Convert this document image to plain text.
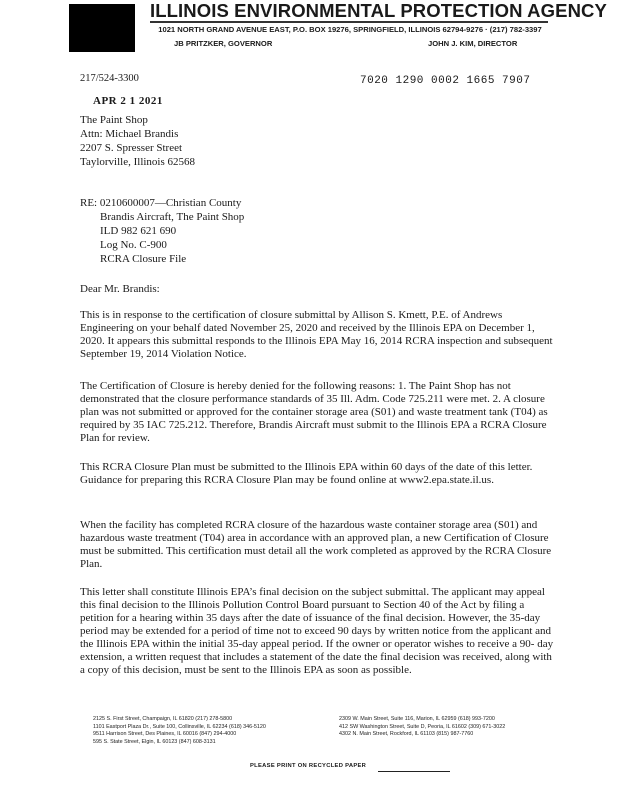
ILLINOIS ENVIRONMENTAL PROTECTION AGENCY
1021 NORTH GRAND AVENUE EAST, P.O. BOX 19276, SPRINGFIELD, ILLINOIS 62794-9276 · (217) 782-3397
JB PRITZKER, GOVERNOR	JOHN J. KIM, DIRECTOR
217/524-3300	7020 1290 0002 1665 7907
APR 2 1 2021
The Paint Shop
Attn: Michael Brandis
2207 S. Spresser Street
Taylorville, Illinois 62568
RE: 0210600007—Christian County
Brandis Aircraft, The Paint Shop
ILD 982 621 690
Log No. C-900
RCRA Closure File
Dear Mr. Brandis:
This is in response to the certification of closure submittal by Allison S. Kmett, P.E. of Andrews Engineering on your behalf dated November 25, 2020 and received by the Illinois EPA on December 1, 2020. It appears this submittal responds to the Illinois EPA May 16, 2014 RCRA inspection and subsequent September 19, 2014 Violation Notice.
The Certification of Closure is hereby denied for the following reasons: 1. The Paint Shop has not demonstrated that the closure performance standards of 35 Ill. Adm. Code 725.211 were met. 2. A closure plan was not submitted or approved for the container storage area (S01) and waste treatment tank (T04) as required by 35 IAC 725.212. Therefore, Brandis Aircraft must submit to the Illinois EPA a RCRA Closure Plan for review.
This RCRA Closure Plan must be submitted to the Illinois EPA within 60 days of the date of this letter. Guidance for preparing this RCRA Closure Plan may be found online at www2.epa.state.il.us.
When the facility has completed RCRA closure of the hazardous waste container storage area (S01) and hazardous waste treatment (T04) area in accordance with an approved plan, a new Certification of Closure must be submitted. This certification must detail all the work completed as approved by the RCRA Closure Plan.
This letter shall constitute Illinois EPA’s final decision on the subject submittal. The applicant may appeal this final decision to the Illinois Pollution Control Board pursuant to Section 40 of the Act by filing a petition for a hearing within 35 days after the date of issuance of the final decision. However, the 35-day period may be extended for a period of time not to exceed 90 days by written notice from the applicant and the Illinois EPA within the initial 35-day appeal period. If the owner or operator wishes to receive a 90- day extension, a written request that includes a statement of the date the final decision was received, along with a copy of this decision, must be sent to the Illinois EPA as soon as possible.
2125 S. First Street, Champaign, IL 61820 (217) 278-5800
1101 Eastport Plaza Dr., Suite 100, Collinsville, IL 62234 (618) 346-5120
9511 Harrison Street, Des Plaines, IL 60016 (847) 294-4000
595 S. State Street, Elgin, IL 60123 (847) 608-3131
2309 W. Main Street, Suite 116, Marion, IL 62959 (618) 993-7200
412 SW Washington Street, Suite D, Peoria, IL 61602 (309) 671-3022
4302 N. Main Street, Rockford, IL 61103 (815) 987-7760
PLEASE PRINT ON RECYCLED PAPER
